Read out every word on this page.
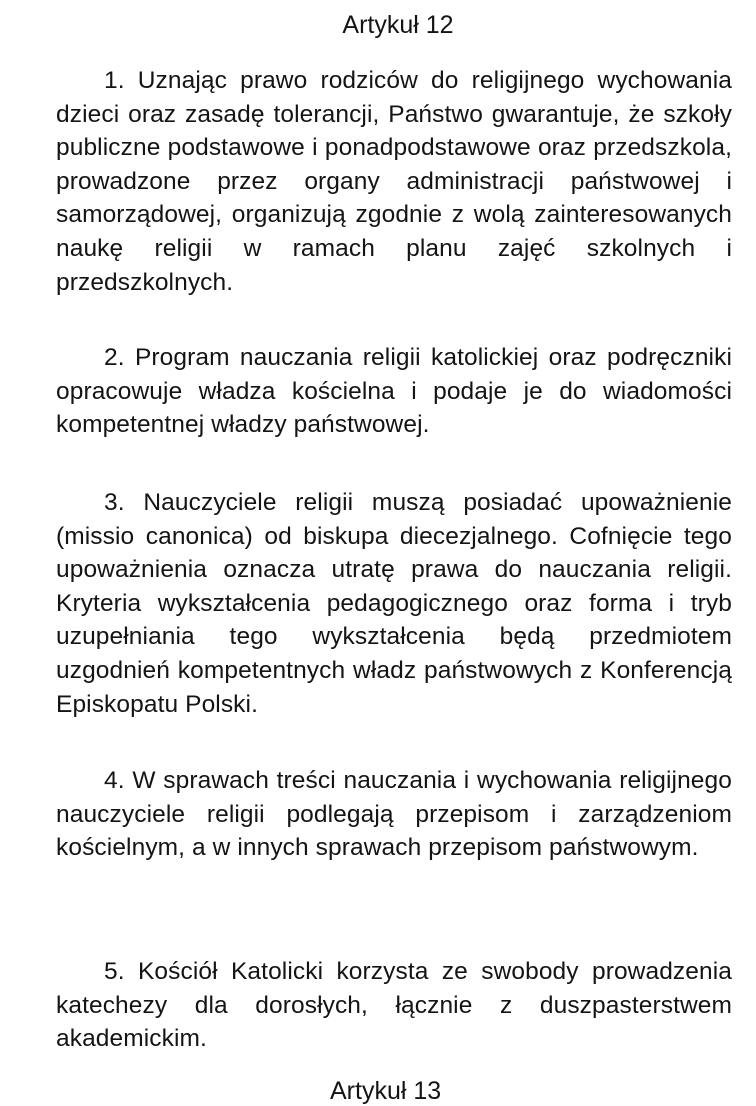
Artykuł 12

1. Uznając prawo rodziców do religijnego wychowania dzieci oraz zasadę tolerancji, Państwo gwarantuje, że szkoły publiczne podstawowe i ponadpodstawowe oraz przedszkola, prowadzone przez organy administracji państwowej i samorządowej, organizują zgodnie z wolą zainteresowanych naukę religii w ramach planu zajęć szkolnych i przedszkolnych.

2. Program nauczania religii katolickiej oraz podręczniki opracowuje władza kościelna i podaje je do wiadomości kompetentnej władzy państwowej.

3. Nauczyciele religii muszą posiadać upoważnienie (missio canonica) od biskupa diecezjalnego. Cofnięcie tego upoważnienia oznacza utratę prawa do nauczania religii. Kryteria wykształcenia pedagogicznego oraz forma i tryb uzupełniania tego wykształcenia będą przedmiotem uzgodnień kompetentnych władz państwowych z Konferencją Episkopatu Polski.

4. W sprawach treści nauczania i wychowania religijnego nauczyciele religii podlegają przepisom i zarządzeniom kościelnym, a w innych sprawach przepisom państwowym.

5. Kościół Katolicki korzysta ze swobody prowadzenia katechezy dla dorosłych, łącznie z duszpasterstwem akademickim.

Artykuł 13
